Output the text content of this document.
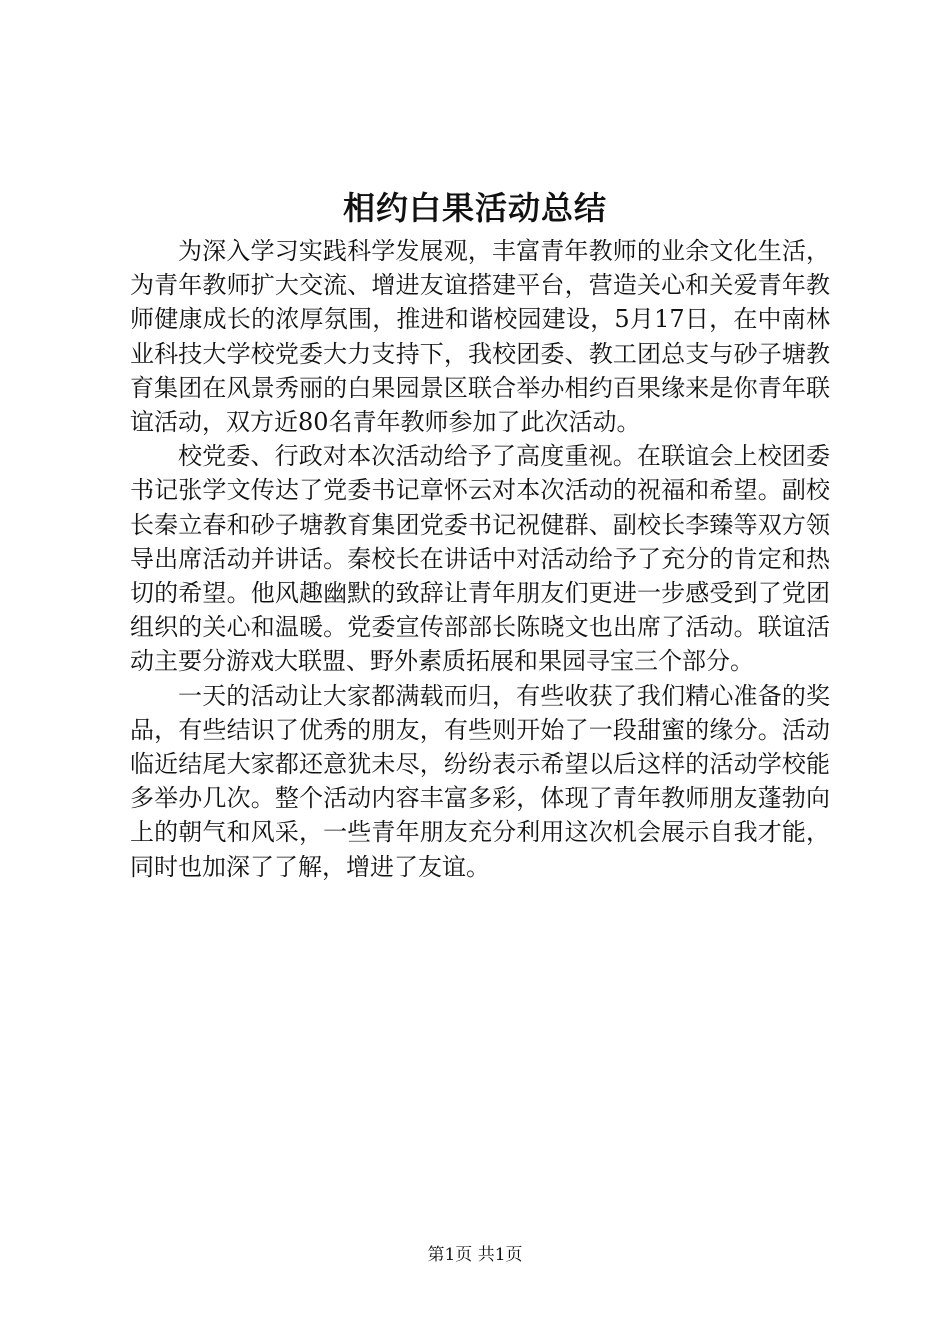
相约白果活动总结

为深入学习实践科学发展观，丰富青年教师的业余文化生活，为青年教师扩大交流、增进友谊搭建平台，营造关心和关爱青年教师健康成长的浓厚氛围，推进和谐校园建设，5月17日，在中南林业科技大学校党委大力支持下，我校团委、教工团总支与砂子塘教育集团在风景秀丽的白果园景区联合举办相约百果缘来是你青年联谊活动，双方近80名青年教师参加了此次活动。

校党委、行政对本次活动给予了高度重视。在联谊会上校团委书记张学文传达了党委书记章怀云对本次活动的祝福和希望。副校长秦立春和砂子塘教育集团党委书记祝健群、副校长李臻等双方领导出席活动并讲话。秦校长在讲话中对活动给予了充分的肯定和热切的希望。他风趣幽默的致辞让青年朋友们更进一步感受到了党团组织的关心和温暖。党委宣传部部长陈晓文也出席了活动。联谊活动主要分游戏大联盟、野外素质拓展和果园寻宝三个部分。

一天的活动让大家都满载而归，有些收获了我们精心准备的奖品，有些结识了优秀的朋友，有些则开始了一段甜蜜的缘分。活动临近结尾大家都还意犹未尽，纷纷表示希望以后这样的活动学校能多举办几次。整个活动内容丰富多彩，体现了青年教师朋友蓬勃向上的朝气和风采，一些青年朋友充分利用这次机会展示自我才能，同时也加深了了解，增进了友谊。

第1页 共1页
